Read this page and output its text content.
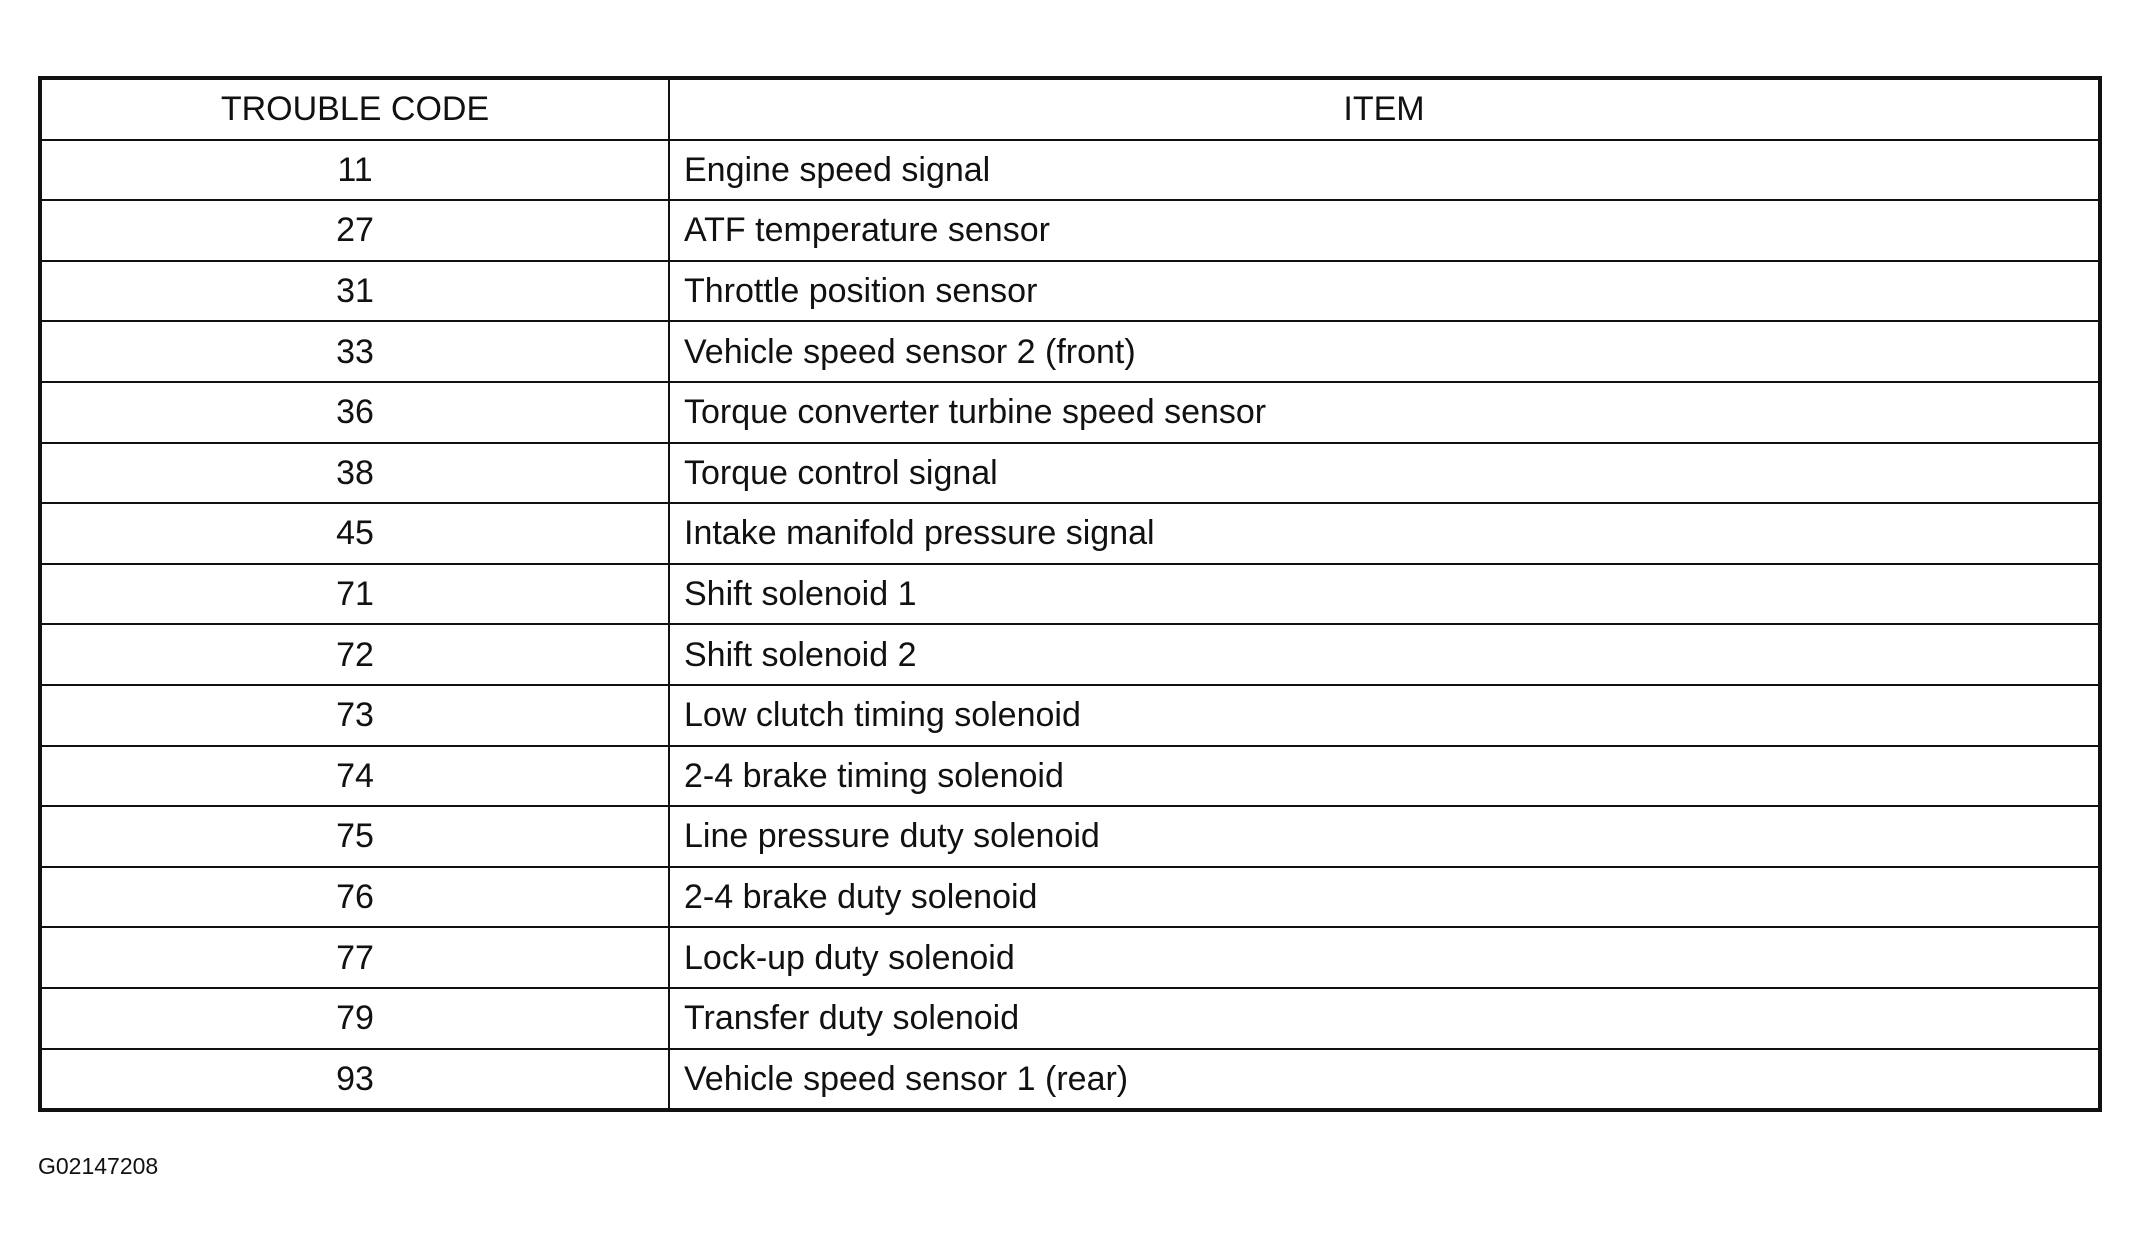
TROUBLE CODE	ITEM
11	Engine speed signal
27	ATF temperature sensor
31	Throttle position sensor
33	Vehicle speed sensor 2 (front)
36	Torque converter turbine speed sensor
38	Torque control signal
45	Intake manifold pressure signal
71	Shift solenoid 1
72	Shift solenoid 2
73	Low clutch timing solenoid
74	2-4 brake timing solenoid
75	Line pressure duty solenoid
76	2-4 brake duty solenoid
77	Lock-up duty solenoid
79	Transfer duty solenoid
93	Vehicle speed sensor 1 (rear)
G02147208
